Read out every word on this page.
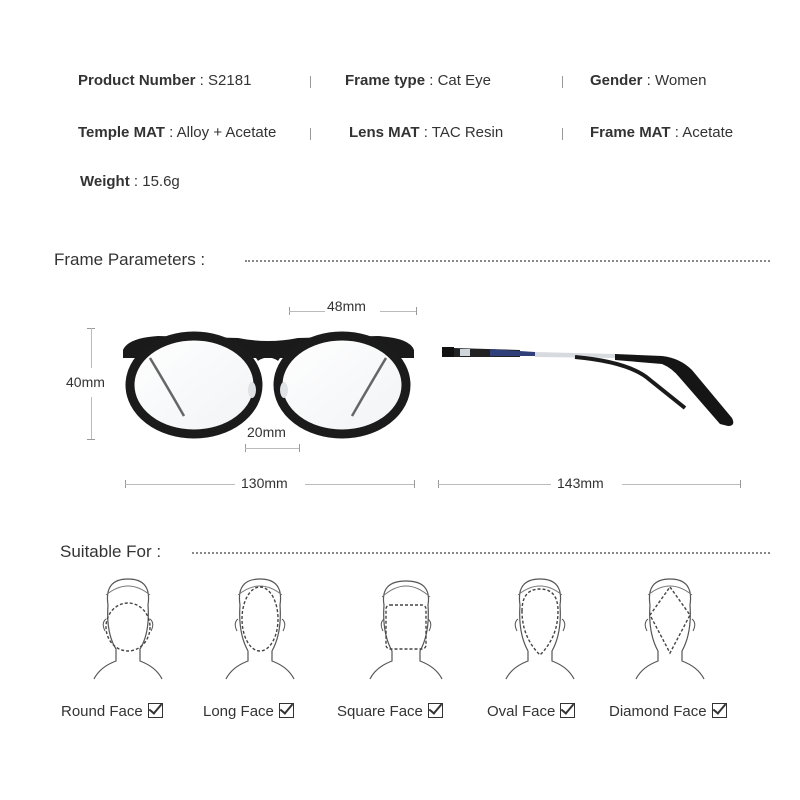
Product Number : S2181	Frame type : Cat Eye	Gender : Women
Temple MAT : Alloy + Acetate	Lens MAT : TAC Resin	Frame MAT : Acetate
Weight : 15.6g
Frame Parameters :
48mm
40mm
20mm
130mm	143mm
Suitable For :
Round Face	Long Face	Square Face	Oval Face	Diamond Face
